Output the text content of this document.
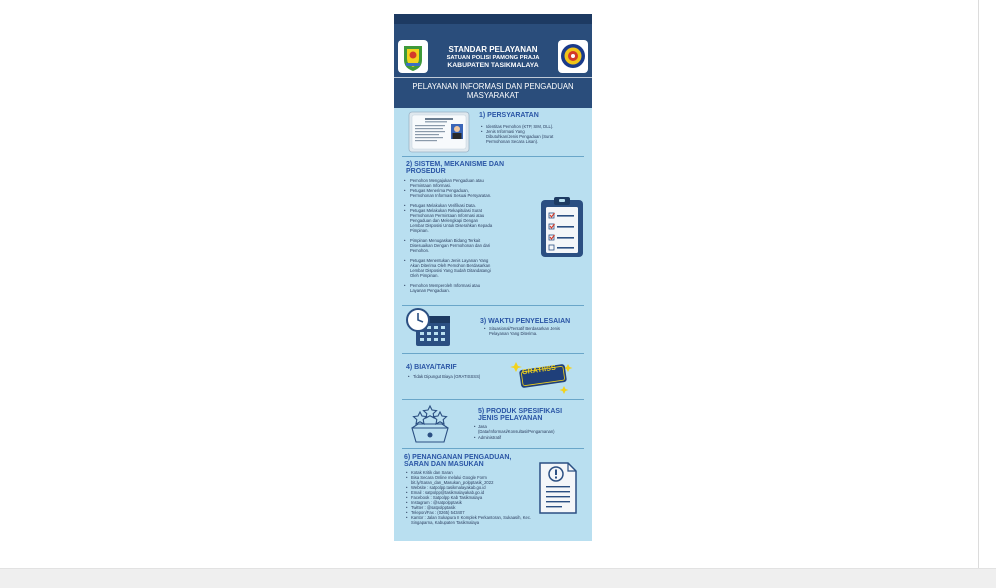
STANDAR PELAYANAN
SATUAN POLISI PAMONG PRAJA
KABUPATEN TASIKMALAYA
PELAYANAN INFORMASI DAN PENGADUAN
MASYARAKAT
1) PERSYARATAN
• Identitas Pemohon (KTP, SIM, DLL).
• Jenis Informasi Yang
Dibutuhkan/Jenis Pengaduan (Surat
Permohonan Secara Lisan).
2) SISTEM, MEKANISME DAN
PROSEDUR
•
•
•
•
•
•
•
Pemohon Mengajukan Pengaduan atau
Permintaan Informasi.
Petugas Menerima Pengaduan,
Permohonan Informasi Sesuai Persyaratan.
Petugas Melakukan Verifikasi Data.
Petugas Melakukan Rekapitulasi Surat
Permohonan Permintaan Informasi atau
Pengaduan dan Melengkapi Dengan
Lembar Disposisi Untuk Diserahkan Kepada
Pimpinan.
Pimpinan Menugaskan Bidang Terkait
Disesuaikan Dengan Permohonan dan dari
Pemohon.
Petugas Menentukan Jenis Layanan Yang
Akan Diterima Oleh Pemohon Berdasarkan
Lembar Disposisi Yang Sudah Ditandatangi
Oleh Pimpinan.
Pemohon Memperoleh Informasi atau
Layanan Pengaduan.
3) WAKTU PENYELESAIAN
• Situasional/Tentatif Berdasarkan Jenis
Pelayanan Yang Diterima.
4) BIAYA/TARIF
• Tidak Dipungut Biaya (GRATISSSS)
GRATIISS
5) PRODUK SPESIFIKASI
JENIS PELAYANAN
• Jasa
(Data/Informasi/Konsultasi/Pengamanan)
• Administratif
6) PENANGANAN PENGADUAN,
SARAN DAN MASUKAN
•
•
•
•
•
•
•
•
•
Kotak Kritik dan Saran
Bisa Secara Online melalui Google Form
bit.ly/Saran_dan_Masukan_polpptasik_2022
Website : satpolpp.tasikmalayakab.go.id
Email : satpolpp@tasikmalayakab.go.id
Facebook : Satpolpp Kab Tasikmalaya
Instagram : @satpolpptasik
Twitter : @satpolpptasik
Telepon/Fax : (0265) 543407
Kantor : Jalan Sukapura II Komplek Perkantoran, Sukaasih, Kec.
Singaparna, Kabupaten Tasikmalaya
